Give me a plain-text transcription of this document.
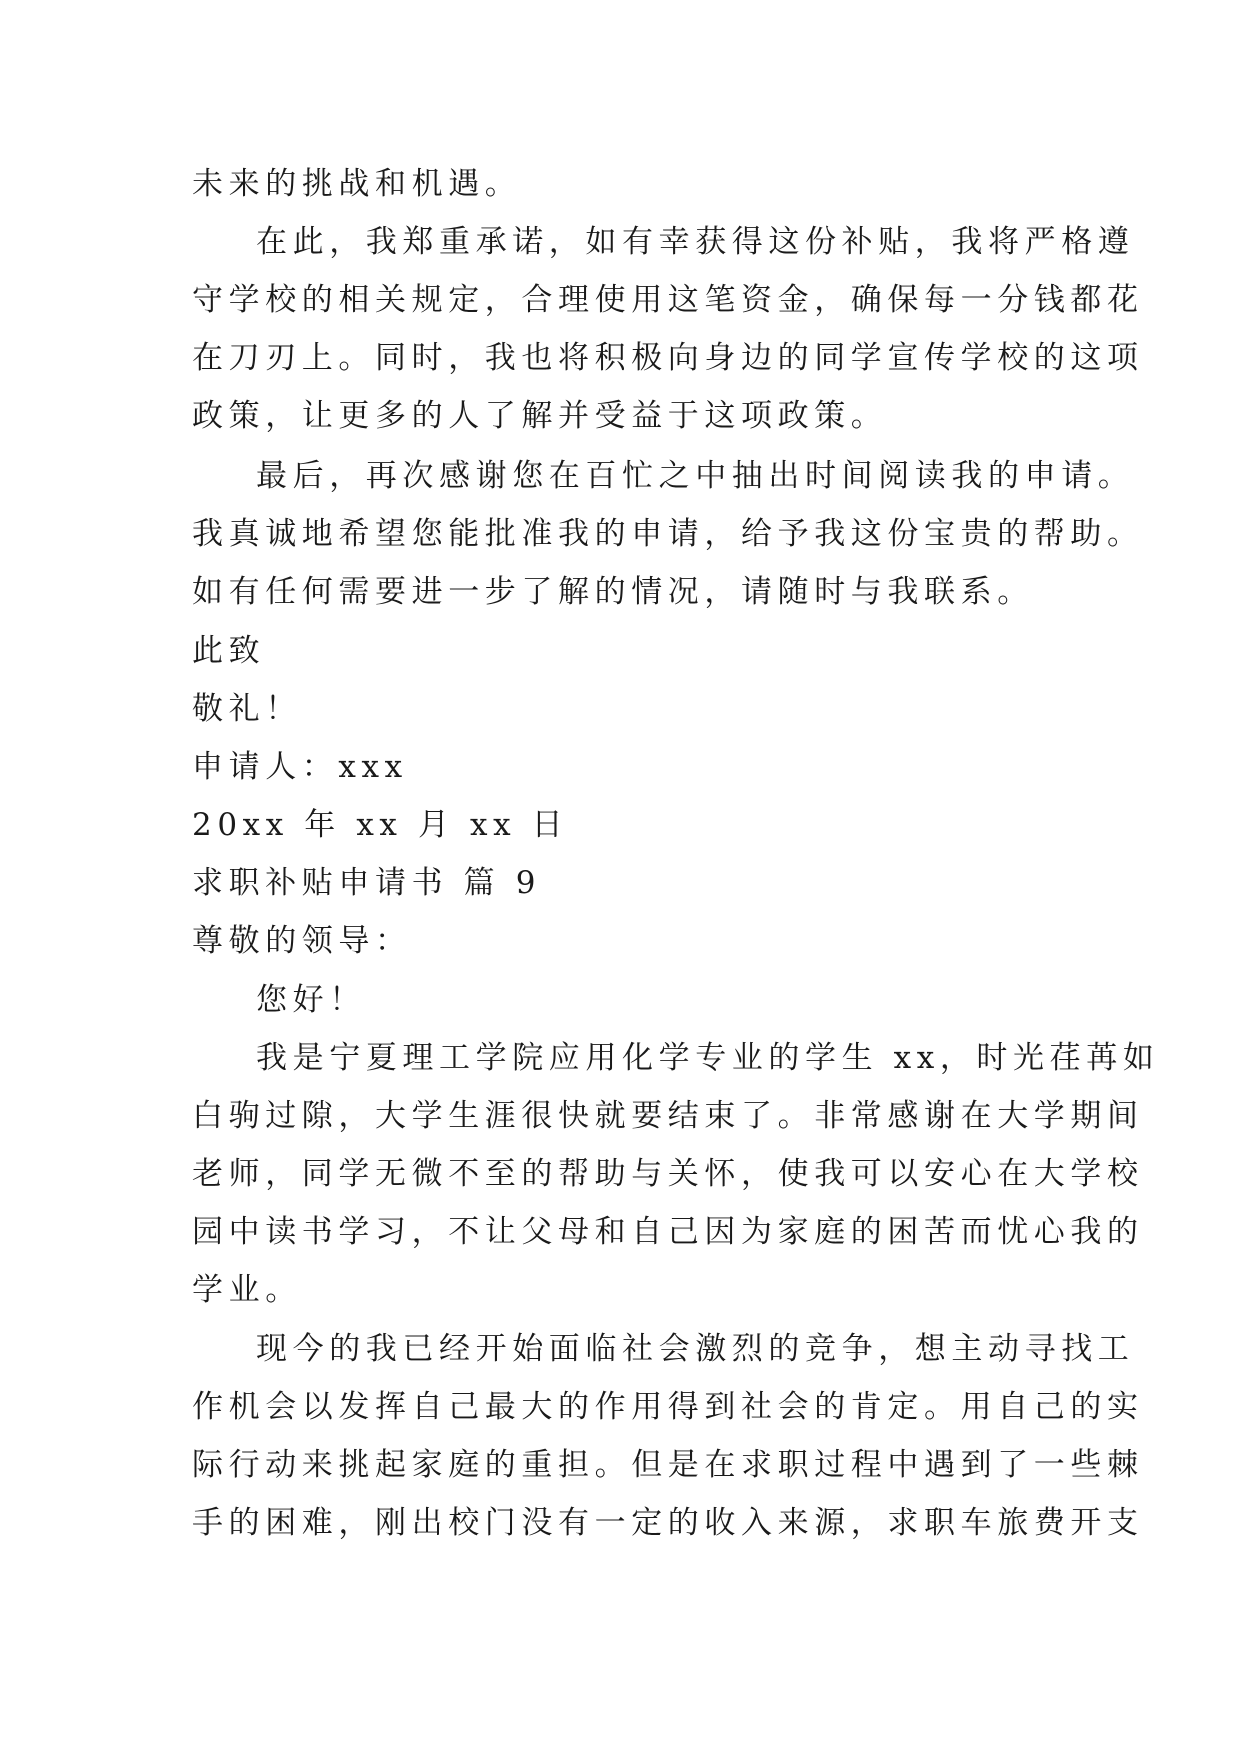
未来的挑战和机遇。
在此，我郑重承诺，如有幸获得这份补贴，我将严格遵
守学校的相关规定，合理使用这笔资金，确保每一分钱都花
在刀刃上。同时，我也将积极向身边的同学宣传学校的这项
政策，让更多的人了解并受益于这项政策。
最后，再次感谢您在百忙之中抽出时间阅读我的申请。
我真诚地希望您能批准我的申请，给予我这份宝贵的帮助。
如有任何需要进一步了解的情况，请随时与我联系。
此致
敬礼！
申请人：xxx
20xx 年 xx 月 xx 日
求职补贴申请书 篇 9
尊敬的领导：
您好！
我是宁夏理工学院应用化学专业的学生 xx，时光荏苒如
白驹过隙，大学生涯很快就要结束了。非常感谢在大学期间
老师，同学无微不至的帮助与关怀，使我可以安心在大学校
园中读书学习，不让父母和自己因为家庭的困苦而忧心我的
学业。
现今的我已经开始面临社会激烈的竞争，想主动寻找工
作机会以发挥自己最大的作用得到社会的肯定。用自己的实
际行动来挑起家庭的重担。但是在求职过程中遇到了一些棘
手的困难，刚出校门没有一定的收入来源，求职车旅费开支
